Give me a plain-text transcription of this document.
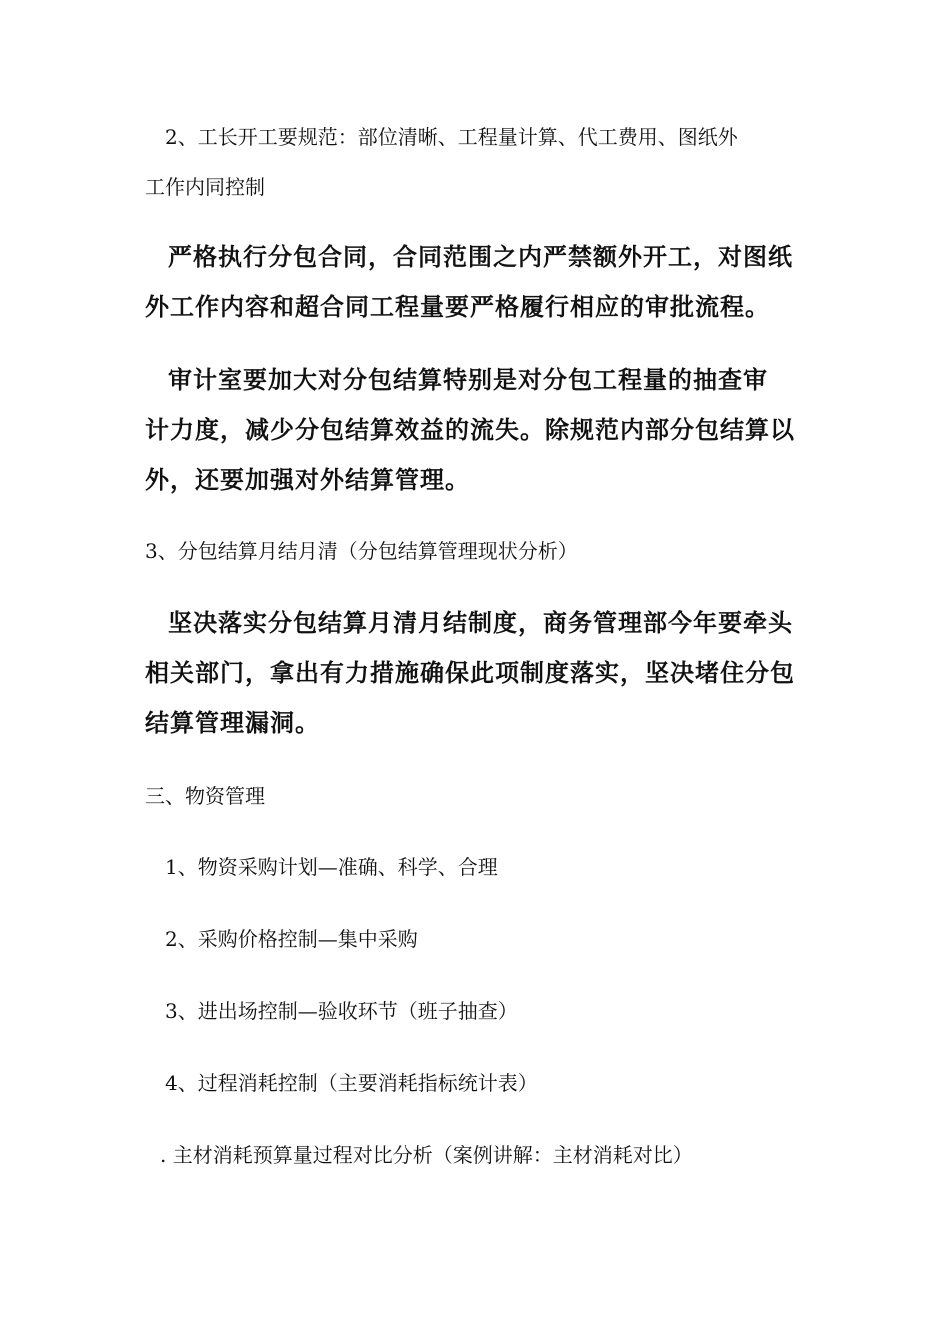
2、工长开工要规范：部位清晰、工程量计算、代工费用、图纸外
工作内同控制
严格执行分包合同，合同范围之内严禁额外开工，对图纸
外工作内容和超合同工程量要严格履行相应的审批流程。
审计室要加大对分包结算特别是对分包工程量的抽查审
计力度，减少分包结算效益的流失。除规范内部分包结算以
外，还要加强对外结算管理。
3、分包结算月结月清（分包结算管理现状分析）
坚决落实分包结算月清月结制度，商务管理部今年要牵头
相关部门，拿出有力措施确保此项制度落实，坚决堵住分包
结算管理漏洞。
三、物资管理
1、物资采购计划—准确、科学、合理
2、采购价格控制—集中采购
3、进出场控制—验收环节（班子抽查）
4、过程消耗控制（主要消耗指标统计表）
. 主材消耗预算量过程对比分析（案例讲解：主材消耗对比）
